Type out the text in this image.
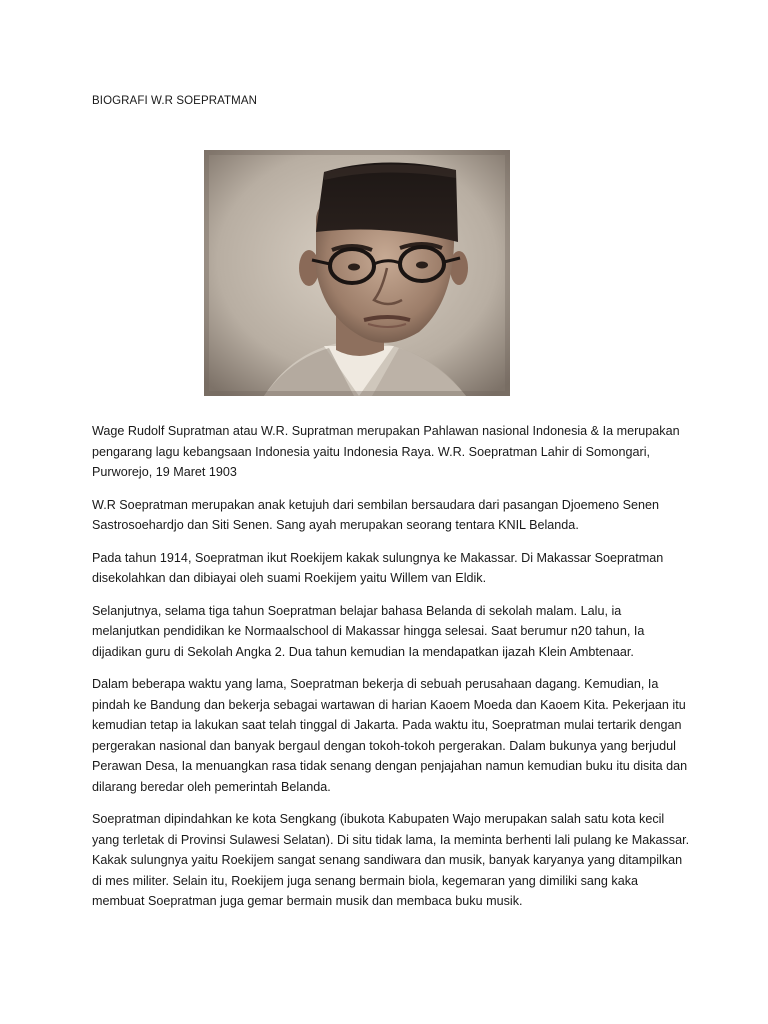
BIOGRAFI W.R SOEPRATMAN

Wage Rudolf Supratman atau W.R. Supratman merupakan Pahlawan nasional Indonesia & Ia merupakan pengarang lagu kebangsaan Indonesia yaitu Indonesia Raya. W.R. Soepratman Lahir di Somongari, Purworejo, 19 Maret 1903

W.R Soepratman merupakan anak ketujuh dari sembilan bersaudara dari pasangan Djoemeno Senen Sastrosoehardjo dan Siti Senen. Sang ayah merupakan seorang tentara KNIL Belanda.

Pada tahun 1914, Soepratman ikut Roekijem kakak sulungnya ke Makassar. Di Makassar Soepratman disekolahkan dan dibiayai oleh suami Roekijem yaitu Willem van Eldik.

Selanjutnya, selama tiga tahun Soepratman belajar bahasa Belanda di sekolah malam. Lalu, ia melanjutkan pendidikan ke Normaalschool di Makassar hingga selesai. Saat berumur n20 tahun, Ia dijadikan guru di Sekolah Angka 2. Dua tahun kemudian Ia mendapatkan ijazah Klein Ambtenaar.

Dalam beberapa waktu yang lama, Soepratman bekerja di sebuah perusahaan dagang. Kemudian, Ia pindah ke Bandung dan bekerja sebagai wartawan di harian Kaoem Moeda dan Kaoem Kita. Pekerjaan itu kemudian tetap ia lakukan saat telah tinggal di Jakarta. Pada waktu itu, Soepratman mulai tertarik dengan pergerakan nasional dan banyak bergaul dengan tokoh-tokoh pergerakan. Dalam bukunya yang berjudul Perawan Desa, Ia menuangkan rasa tidak senang dengan penjajahan namun kemudian buku itu disita dan dilarang beredar oleh pemerintah Belanda.

Soepratman dipindahkan ke kota Sengkang (ibukota Kabupaten Wajo merupakan salah satu kota kecil yang terletak di Provinsi Sulawesi Selatan). Di situ tidak lama, Ia meminta berhenti lali pulang ke Makassar. Kakak sulungnya yaitu Roekijem sangat senang sandiwara dan musik, banyak karyanya yang ditampilkan di mes militer. Selain itu, Roekijem juga senang bermain biola, kegemaran yang dimiliki sang kaka membuat Soepratman juga gemar bermain musik dan membaca buku musik.
